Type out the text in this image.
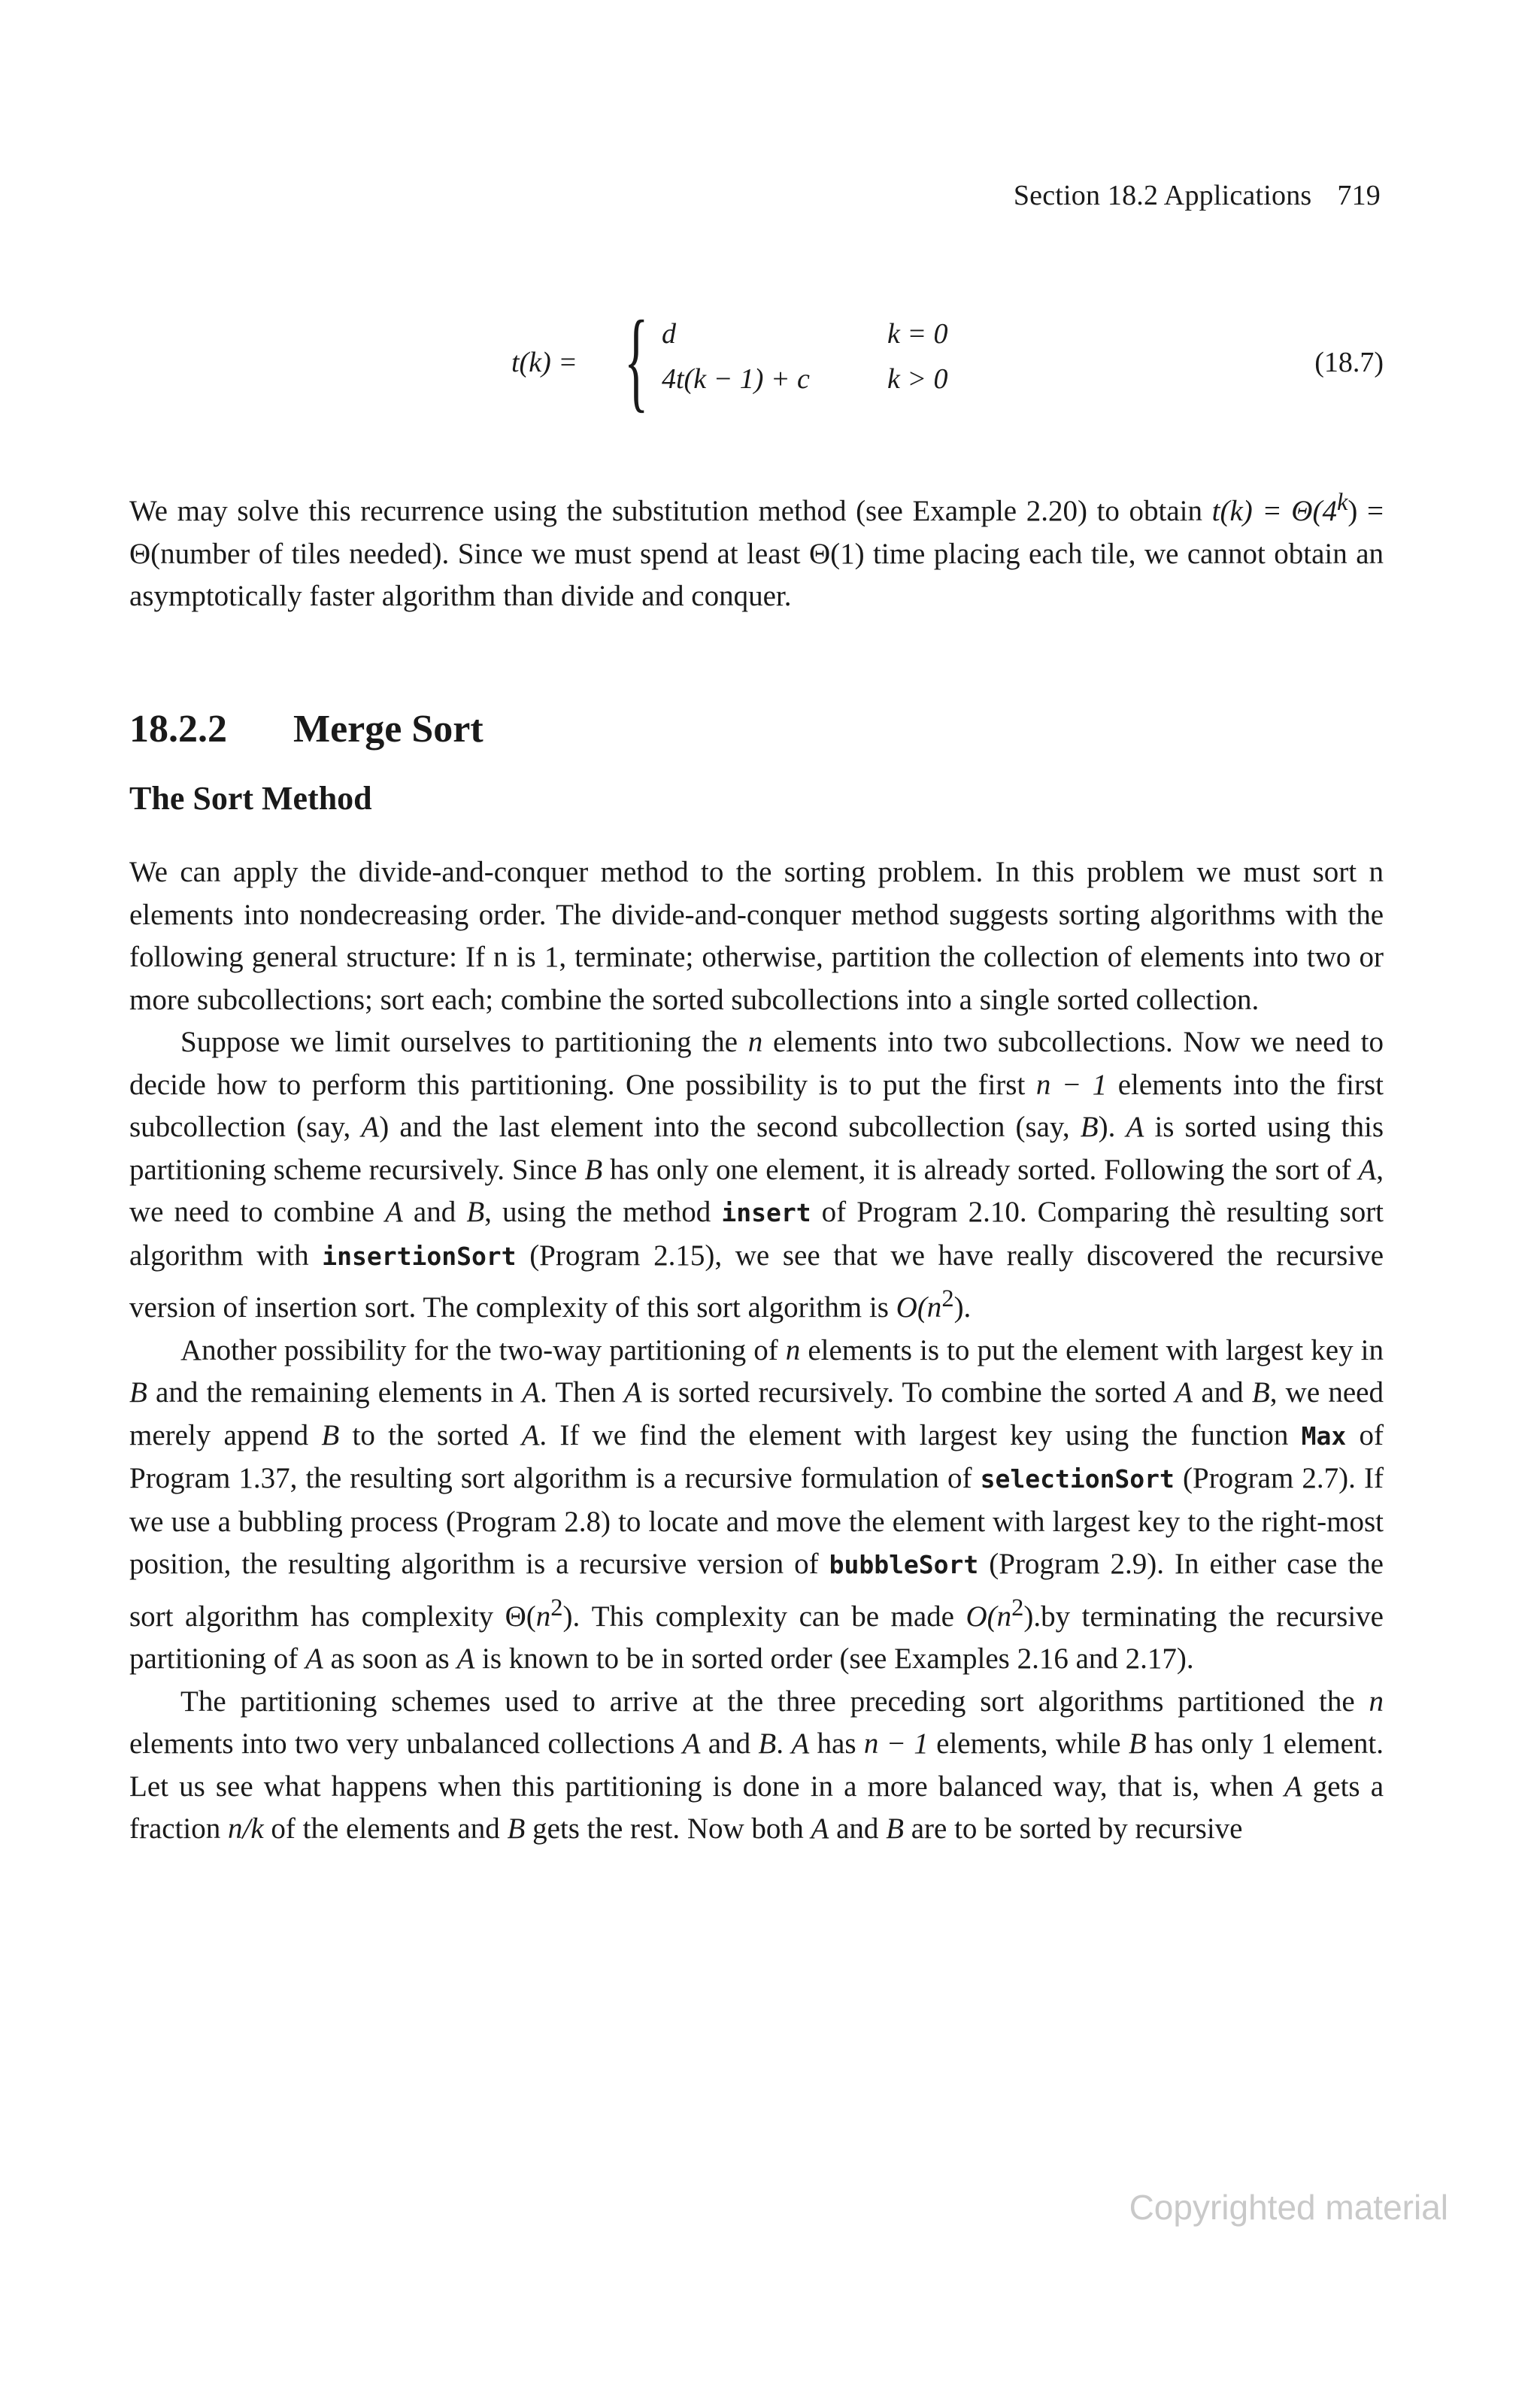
Section 18.2 Applications 719
t(k) = { d	k = 0
4t(k − 1) + c	k > 0
(18.7)

We may solve this recurrence using the substitution method (see Example 2.20) to obtain $t(k) = \Theta(4^k)$ = Θ(number of tiles needed). Since we must spend at least Θ(1) time placing each tile, we cannot obtain an asymptotically faster algorithm than divide and conquer.

18.2.2 Merge Sort
The Sort Method

We can apply the divide-and-conquer method to the sorting problem. In this problem we must sort n elements into nondecreasing order. The divide-and-conquer method suggests sorting algorithms with the following general structure: If n is 1, terminate; otherwise, partition the collection of elements into two or more subcollections; sort each; combine the sorted subcollections into a single sorted collection.

Suppose we limit ourselves to partitioning the n elements into two subcollections. Now we need to decide how to perform this partitioning. One possibility is to put the first n − 1 elements into the first subcollection (say, A) and the last element into the second subcollection (say, B). A is sorted using this partitioning scheme recursively. Since B has only one element, it is already sorted. Following the sort of A, we need to combine A and B, using the method insert of Program 2.10. Comparing thè resulting sort algorithm with insertionSort (Program 2.15), we see that we have really discovered the recursive version of insertion sort. The complexity of this sort algorithm is $O(n^2)$.

Another possibility for the two-way partitioning of n elements is to put the element with largest key in B and the remaining elements in A. Then A is sorted recursively. To combine the sorted A and B, we need merely append B to the sorted A. If we find the element with largest key using the function Max of Program 1.37, the resulting sort algorithm is a recursive formulation of selectionSort (Program 2.7). If we use a bubbling process (Program 2.8) to locate and move the element with largest key to the right-most position, the resulting algorithm is a recursive version of bubbleSort (Program 2.9). In either case the sort algorithm has complexity $\Theta(n^2)$. This complexity can be made $O(n^2).by$ terminating the recursive partitioning of A as soon as A is known to be in sorted order (see Examples 2.16 and 2.17).

The partitioning schemes used to arrive at the three preceding sort algorithms partitioned the n elements into two very unbalanced collections A and B. A has n − 1 elements, while B has only 1 element. Let us see what happens when this partitioning is done in a more balanced way, that is, when A gets a fraction n/k of the elements and B gets the rest. Now both A and B are to be sorted by recursive

Copyrighted material
